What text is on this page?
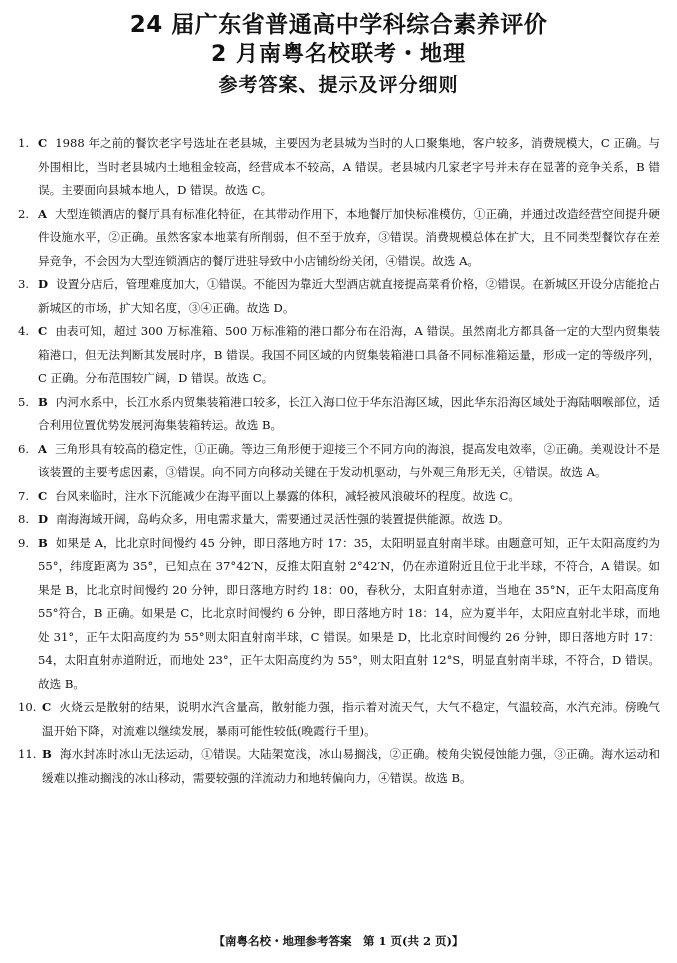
24 届广东省普通高中学科综合素养评价
2 月南粤名校联考・地理
参考答案、提示及评分细则
1. C 1988 年之前的餐饮老字号选址在老县城，主要因为老县城为当时的人口聚集地，客户较多，消费规模大，C 正确。与外围相比，当时老县城内土地租金较高，经营成本不较高，A 错误。老县城内几家老字号并未存在显著的竞争关系，B 错误。主要面向县城本地人，D 错误。故选 C。
2. A 大型连锁酒店的餐厅具有标准化特征，在其带动作用下，本地餐厅加快标准模仿，①正确，并通过改造经营空间提升硬件设施水平，②正确。虽然客家本地菜有所削弱，但不至于放弃，③错误。消费规模总体在扩大，且不同类型餐饮存在差异竞争，不会因为大型连锁酒店的餐厅进驻导致中小店铺纷纷关闭，④错误。故选 A。
3. D 设置分店后，管理难度加大，①错误。不能因为靠近大型酒店就直接提高菜肴价格，②错误。在新城区开设分店能抢占新城区的市场，扩大知名度，③④正确。故选 D。
4. C 由表可知，超过 300 万标准箱、500 万标准箱的港口都分布在沿海，A 错误。虽然南北方都具备一定的大型内贸集装箱港口，但无法判断其发展时序，B 错误。我国不同区域的内贸集装箱港口具备不同标准箱运量，形成一定的等级序列，C 正确。分布范围较广阔，D 错误。故选 C。
5. B 内河水系中，长江水系内贸集装箱港口较多，长江入海口位于华东沿海区域，因此华东沿海区域处于海陆咽喉部位，适合利用位置优势发展河海集装箱转运。故选 B。
6. A 三角形具有较高的稳定性，①正确。等边三角形便于迎接三个不同方向的海浪，提高发电效率，②正确。美观设计不是该装置的主要考虑因素，③错误。向不同方向移动关键在于发动机驱动，与外观三角形无关，④错误。故选 A。
7. C 台风来临时，注水下沉能减少在海平面以上暴露的体积，减轻被风浪破坏的程度。故选 C。
8. D 南海海域开阔，岛屿众多，用电需求量大，需要通过灵活性强的装置提供能源。故选 D。
9. B 如果是 A，比北京时间慢约 45 分钟，即日落地方时 17：35，太阳明显直射南半球。由题意可知，正午太阳高度约为 55°，纬度距离为 35°，已知点在 37°42′N，反推太阳直射 2°42′N，仍在赤道附近且位于北半球，不符合，A 错误。如果是 B，比北京时间慢约 20 分钟，即日落地方时约 18：00，春秋分，太阳直射赤道，当地在 35°N，正午太阳高度角 55°符合，B 正确。如果是 C，比北京时间慢约 6 分钟，即日落地方时 18：14，应为夏半年，太阳应直射北半球，而地处 31°，正午太阳高度约为 55°则太阳直射南半球，C 错误。如果是 D，比北京时间慢约 26 分钟，即日落地方时 17：54，太阳直射赤道附近，而地处 23°，正午太阳高度约为 55°，则太阳直射 12°S，明显直射南半球，不符合，D 错误。故选 B。
10. C 火烧云是散射的结果，说明水汽含量高，散射能力强，指示着对流天气，大气不稳定，气温较高，水汽充沛。傍晚气温开始下降，对流难以继续发展，暴雨可能性较低(晚霞行千里)。
11. B 海水封冻时冰山无法运动，①错误。大陆架宽浅，冰山易搁浅，②正确。棱角尖锐侵蚀能力强，③正确。海水运动和缓难以推动搁浅的冰山移动，需要较强的洋流动力和地转偏向力，④错误。故选 B。
【南粤名校・地理参考答案　第 1 页(共 2 页)】
